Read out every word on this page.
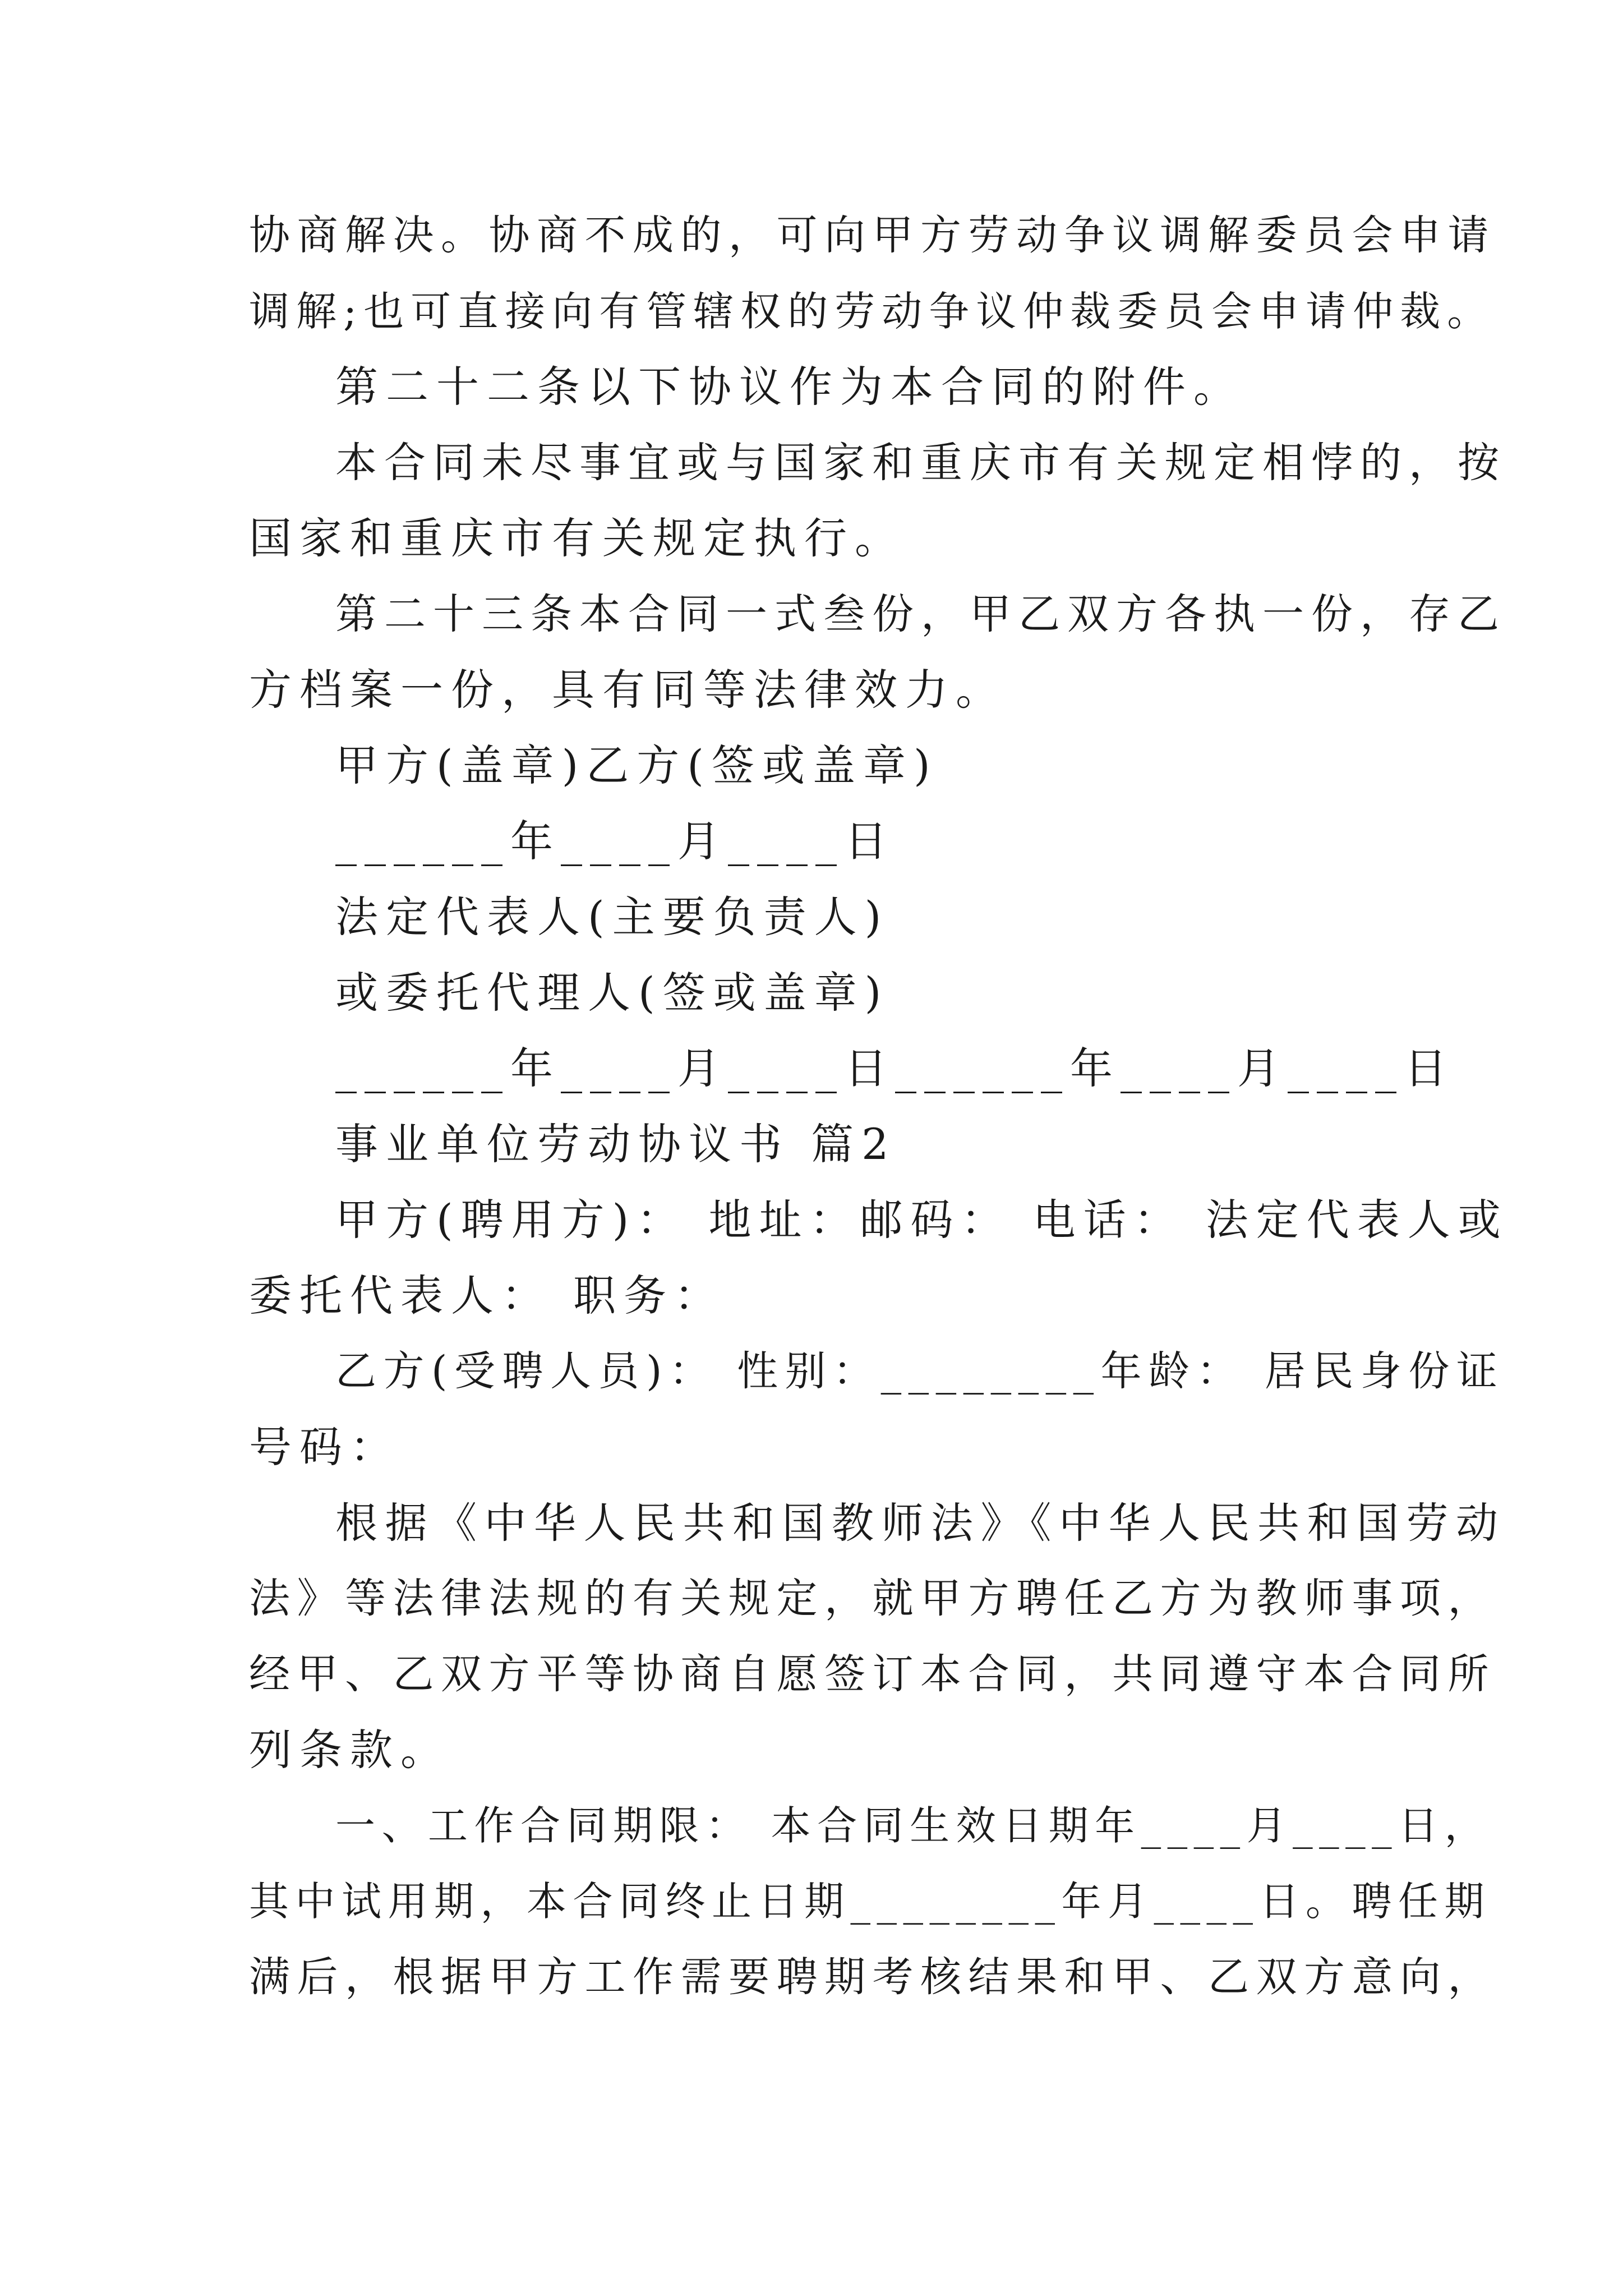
协商解决。协商不成的，可向甲方劳动争议调解委员会申请
调解;也可直接向有管辖权的劳动争议仲裁委员会申请仲裁。
第二十二条以下协议作为本合同的附件。
本合同未尽事宜或与国家和重庆市有关规定相悖的，按
国家和重庆市有关规定执行。
第二十三条本合同一式叁份，甲乙双方各执一份，存乙
方档案一份，具有同等法律效力。
甲方(盖章)乙方(签或盖章)
______年____月____日
法定代表人(主要负责人)
或委托代理人(签或盖章)
______年____月____日______年____月____日
事业单位劳动协议书 篇2
甲方(聘用方)： 地址：邮码： 电话： 法定代表人或
委托代表人： 职务：
乙方(受聘人员)： 性别：________年龄： 居民身份证
号码：
根据《中华人民共和国教师法》《中华人民共和国劳动
法》等法律法规的有关规定，就甲方聘任乙方为教师事项，
经甲、乙双方平等协商自愿签订本合同，共同遵守本合同所
列条款。
一、工作合同期限： 本合同生效日期年____月____日，
其中试用期，本合同终止日期________年月____日。聘任期
满后，根据甲方工作需要聘期考核结果和甲、乙双方意向，
